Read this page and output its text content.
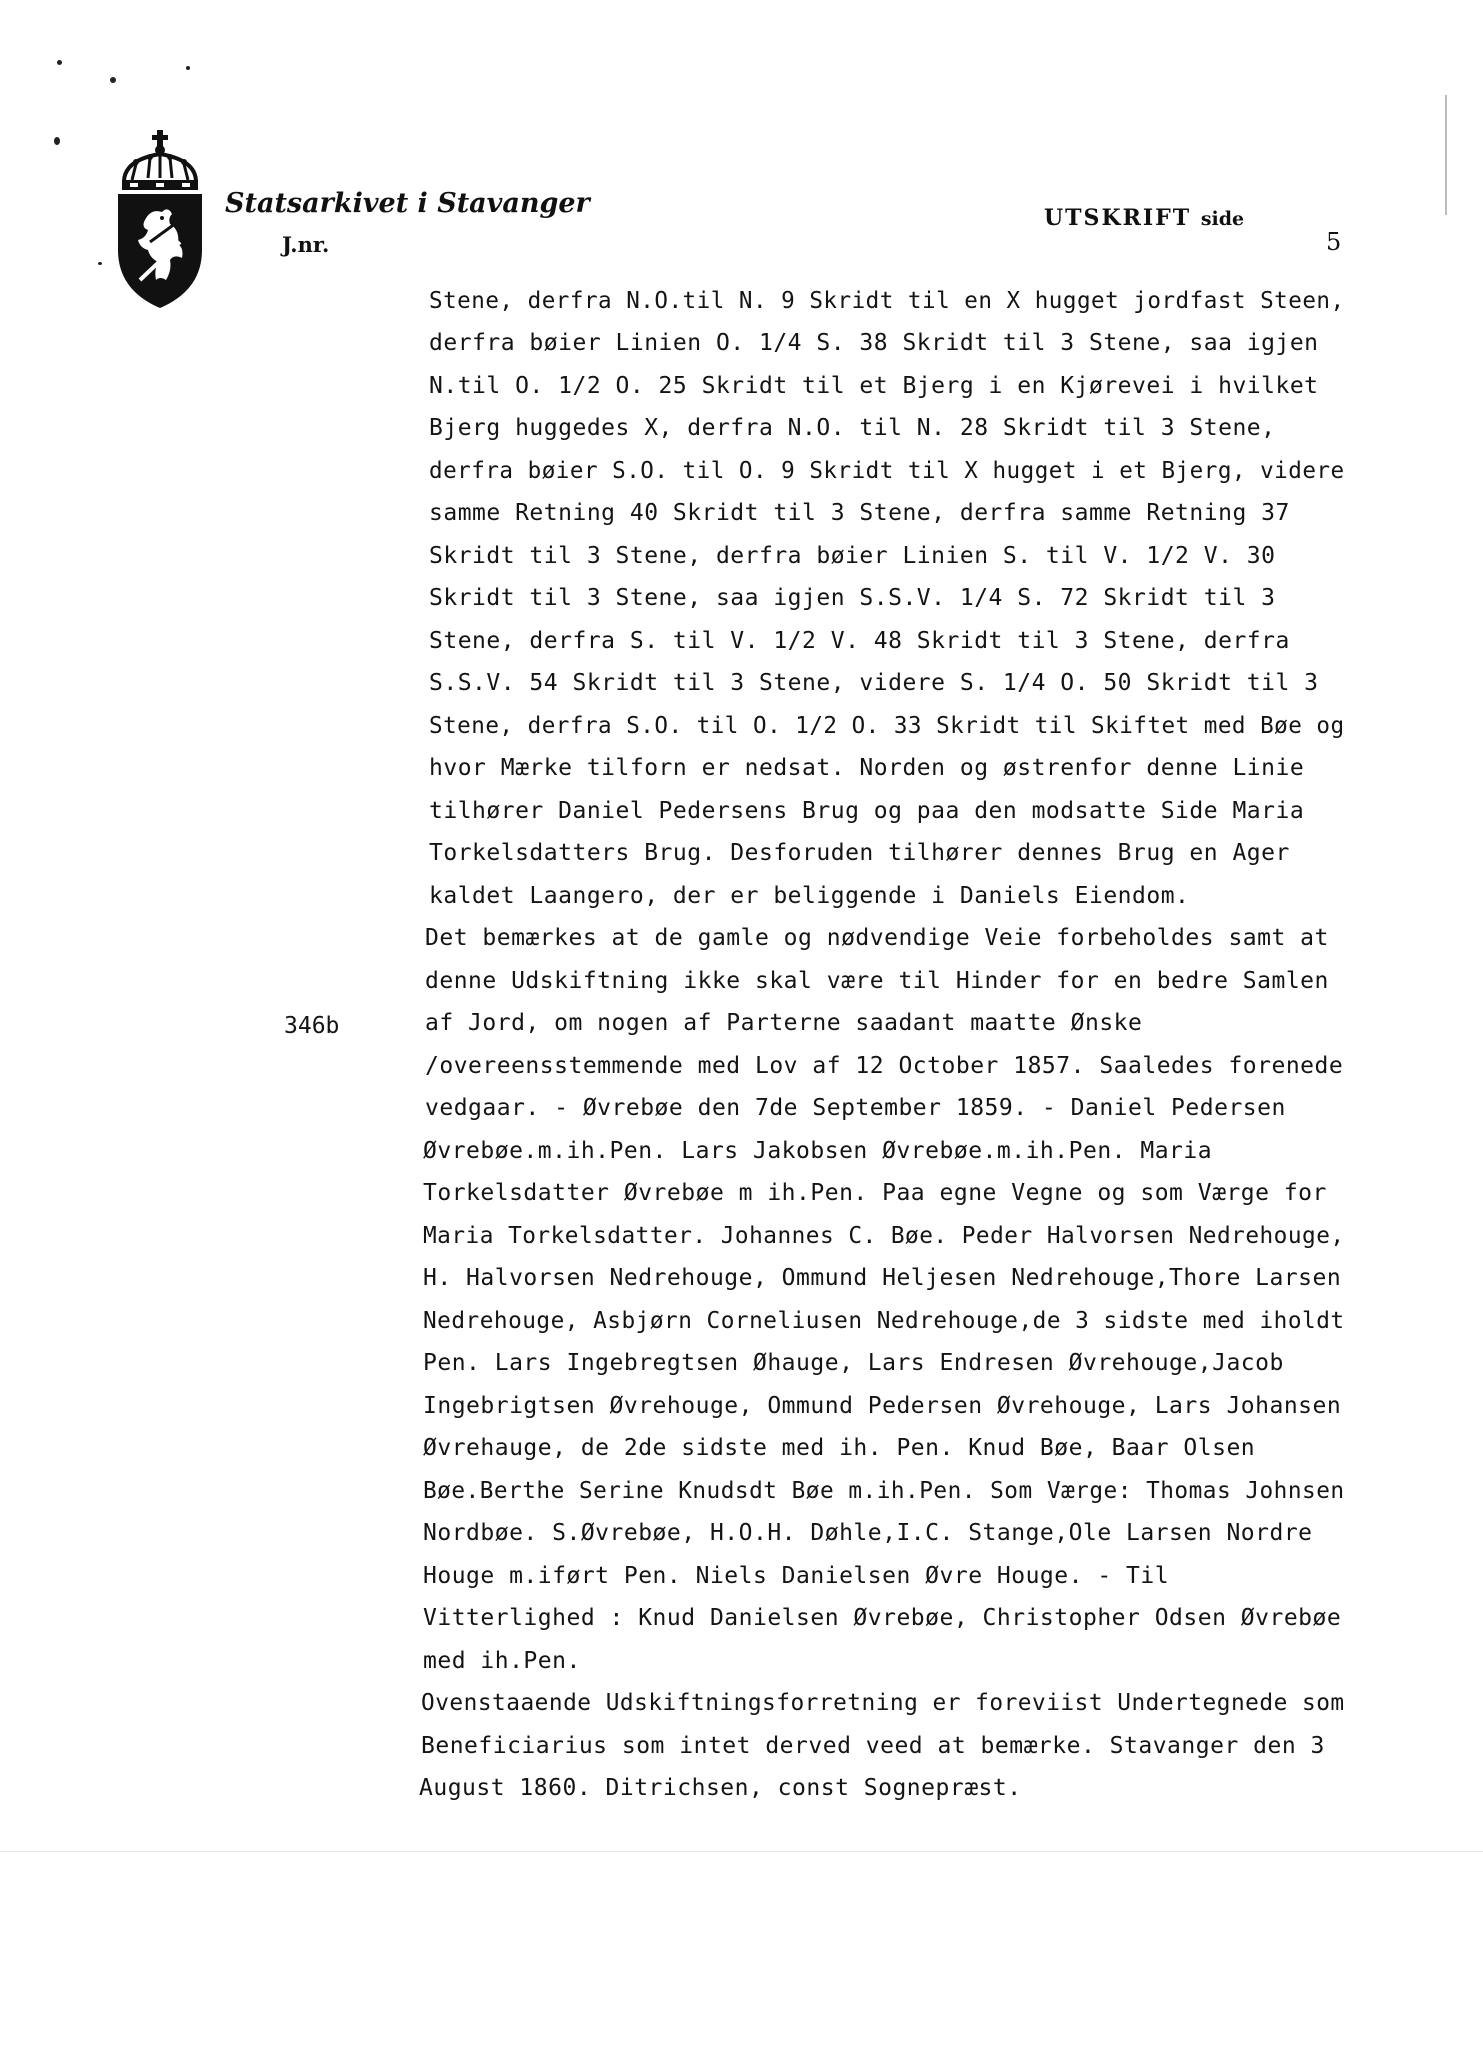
Statsarkivet i Stavanger
J.nr.
UTSKRIFT side
5
346b
Stene, derfra N.O.til N. 9 Skridt til en X hugget jordfast Steen,
derfra bøier Linien O. 1/4 S. 38 Skridt til 3 Stene, saa igjen
N.til O. 1/2 O. 25 Skridt til et Bjerg i en Kjørevei i hvilket
Bjerg huggedes X, derfra N.O. til N. 28 Skridt til 3 Stene,
derfra bøier S.O. til O. 9 Skridt til X hugget i et Bjerg, videre
samme Retning 40 Skridt til 3 Stene, derfra samme Retning 37
Skridt til 3 Stene, derfra bøier Linien S. til V. 1/2 V. 30
Skridt til 3 Stene, saa igjen S.S.V. 1/4 S. 72 Skridt til 3
Stene, derfra S. til V. 1/2 V. 48 Skridt til 3 Stene, derfra
S.S.V. 54 Skridt til 3 Stene, videre S. 1/4 O. 50 Skridt til 3
Stene, derfra S.O. til O. 1/2 O. 33 Skridt til Skiftet med Bøe og
hvor Mærke tilforn er nedsat. Norden og østrenfor denne Linie
tilhører Daniel Pedersens Brug og paa den modsatte Side Maria
Torkelsdatters Brug. Desforuden tilhører dennes Brug en Ager
kaldet Laangero, der er beliggende i Daniels Eiendom.
Det bemærkes at de gamle og nødvendige Veie forbeholdes samt at
denne Udskiftning ikke skal være til Hinder for en bedre Samlen
af Jord, om nogen af Parterne saadant maatte Ønske
/overeensstemmende med Lov af 12 October 1857. Saaledes forenede
vedgaar. - Øvrebøe den 7de September 1859. - Daniel Pedersen
Øvrebøe.m.ih.Pen. Lars Jakobsen Øvrebøe.m.ih.Pen. Maria
Torkelsdatter Øvrebøe m ih.Pen. Paa egne Vegne og som Værge for
Maria Torkelsdatter. Johannes C. Bøe. Peder Halvorsen Nedrehouge,
H. Halvorsen Nedrehouge, Ommund Heljesen Nedrehouge,Thore Larsen
Nedrehouge, Asbjørn Corneliusen Nedrehouge,de 3 sidste med iholdt
Pen. Lars Ingebregtsen Øhauge, Lars Endresen Øvrehouge,Jacob
Ingebrigtsen Øvrehouge, Ommund Pedersen Øvrehouge, Lars Johansen
Øvrehauge, de 2de sidste med ih. Pen. Knud Bøe, Baar Olsen
Bøe.Berthe Serine Knudsdt Bøe m.ih.Pen. Som Værge: Thomas Johnsen
Nordbøe. S.Øvrebøe, H.O.H. Døhle,I.C. Stange,Ole Larsen Nordre
Houge m.iført Pen. Niels Danielsen Øvre Houge. - Til
Vitterlighed : Knud Danielsen Øvrebøe, Christopher Odsen Øvrebøe
med ih.Pen.
Ovenstaaende Udskiftningsforretning er foreviist Undertegnede som
Beneficiarius som intet derved veed at bemærke. Stavanger den 3
August 1860. Ditrichsen, const Sognepræst.
